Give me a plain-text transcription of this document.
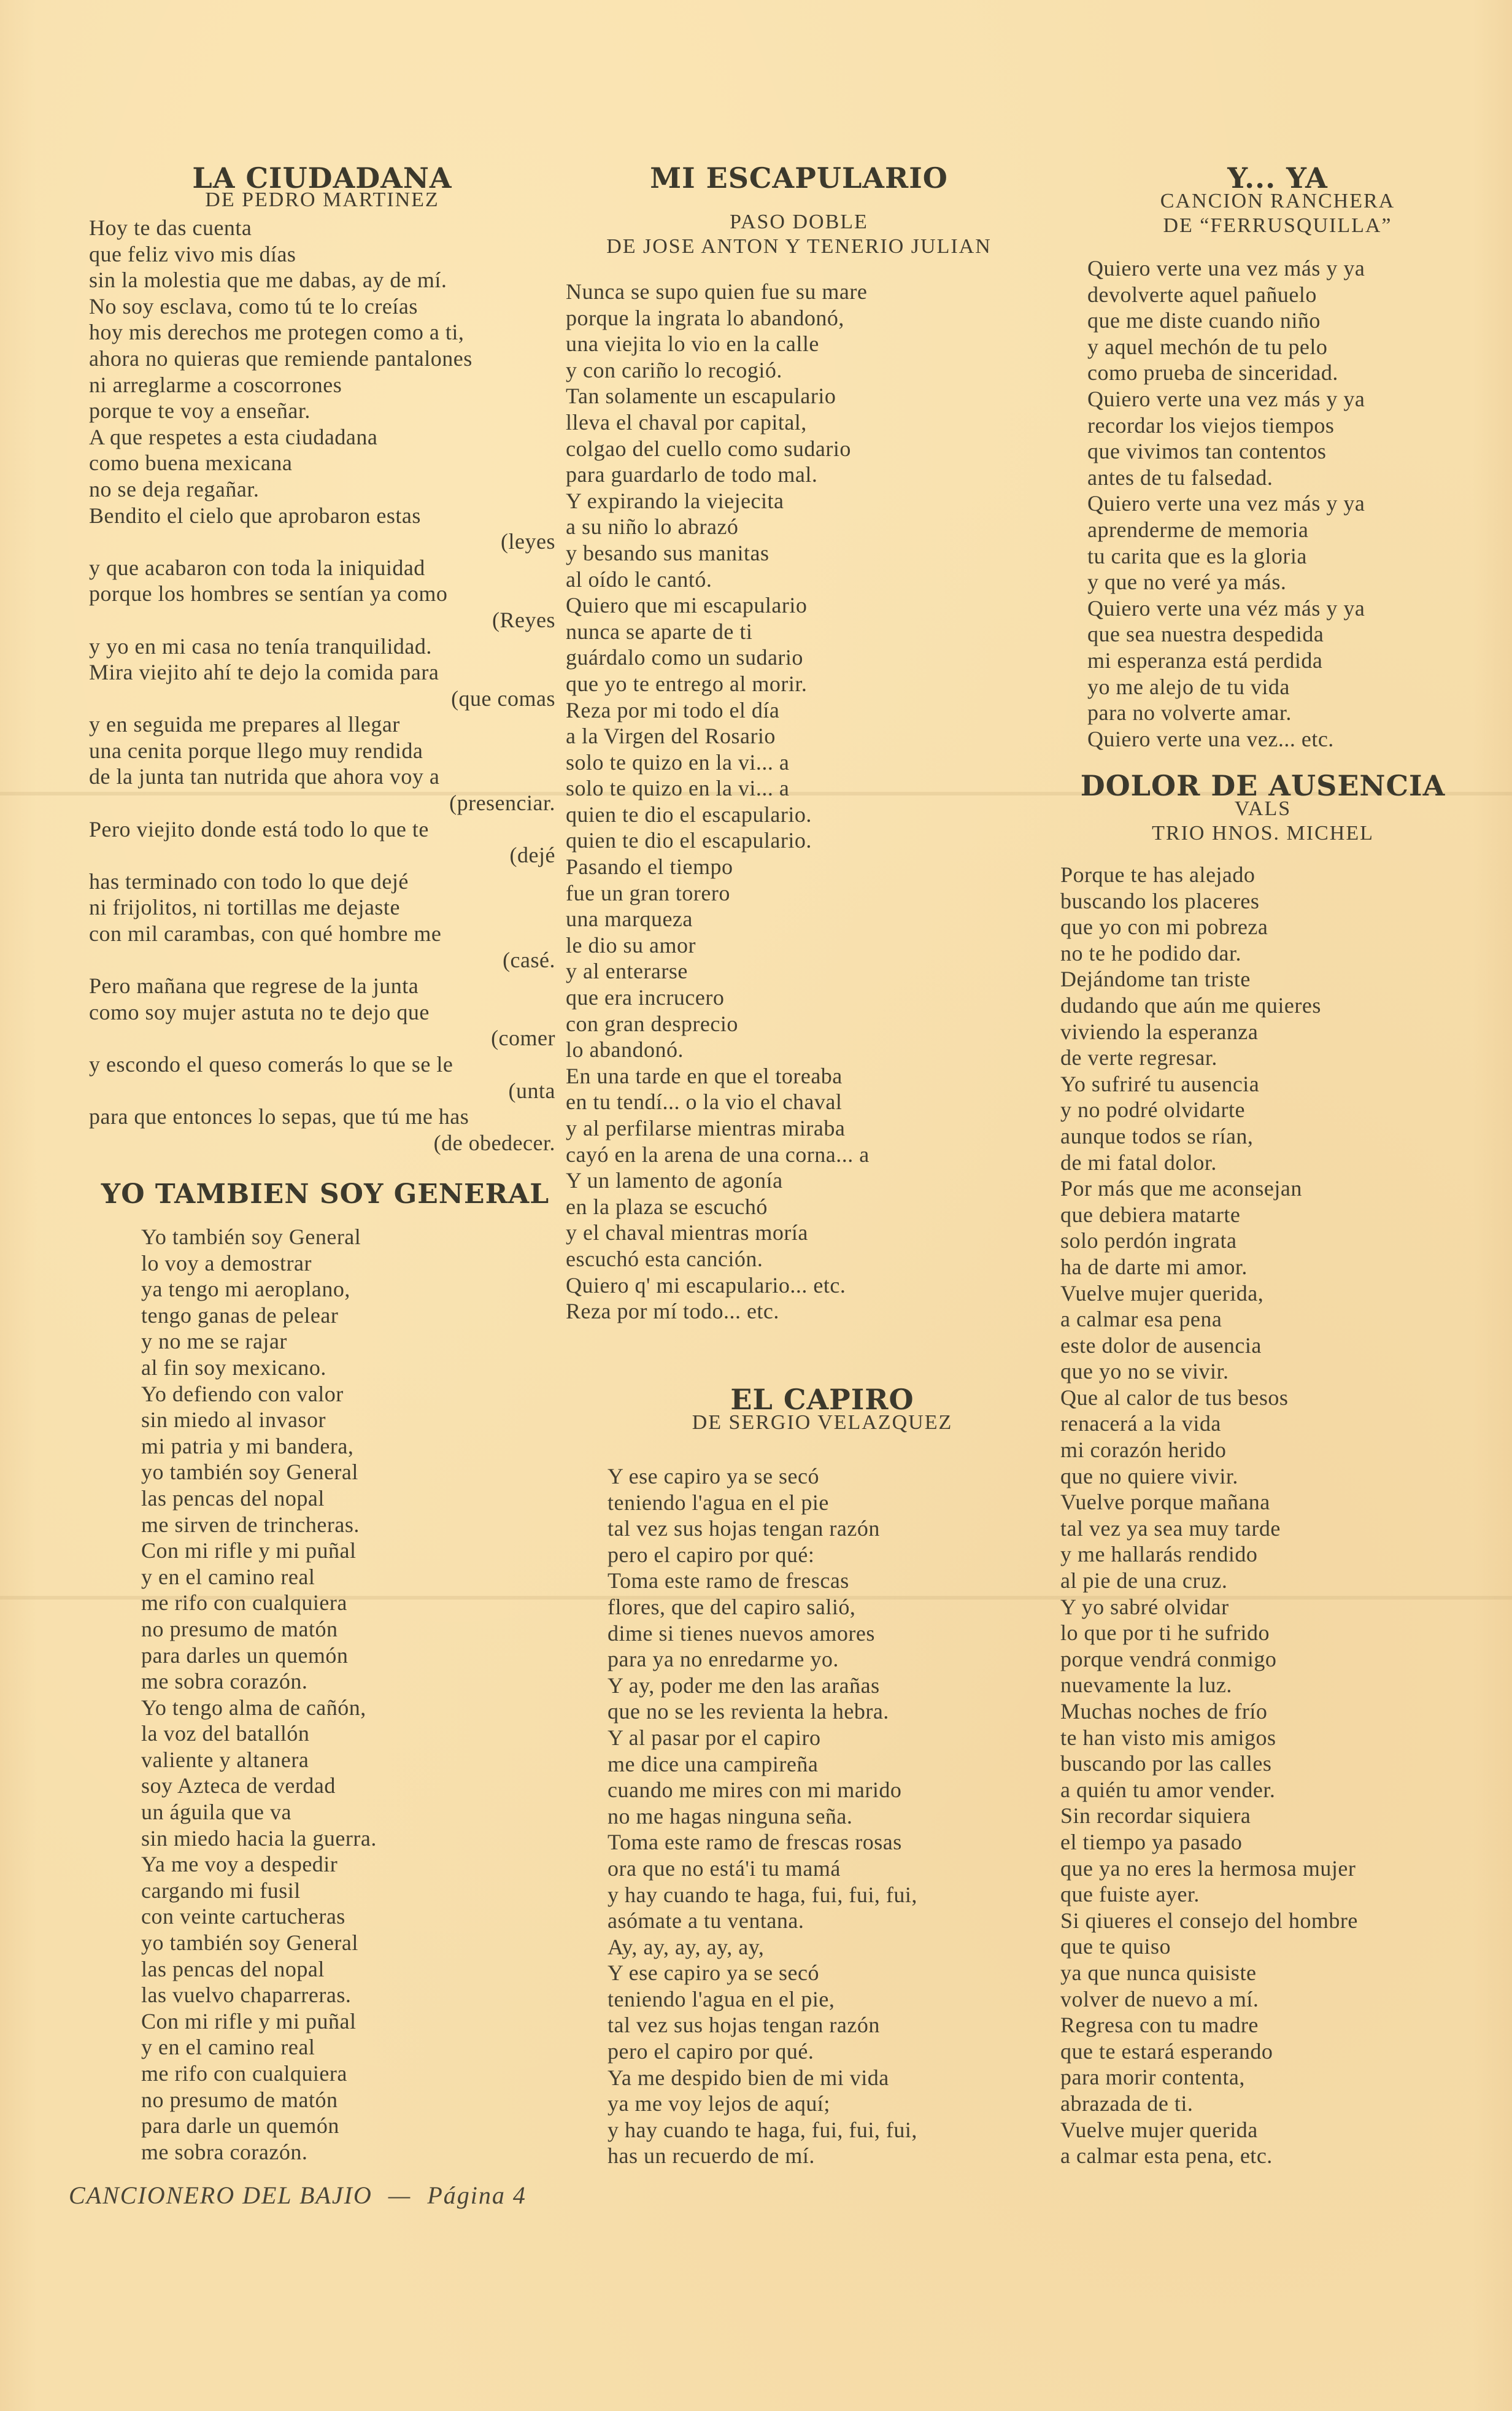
LA CIUDADANA

DE PEDRO MARTINEZ

Hoy te das cuenta
que feliz vivo mis días
sin la molestia que me dabas, ay de mí.
No soy esclava, como tú te lo creías
hoy mis derechos me protegen como a ti,
ahora no quieras que remiende pantalones
ni arreglarme a coscorrones
porque te voy a enseñar.
A que respetes a esta ciudadana
como buena mexicana
no se deja regañar.
Bendito el cielo que aprobaron estas
(leyes
y que acabaron con toda la iniquidad
porque los hombres se sentían ya como
(Reyes
y yo en mi casa no tenía tranquilidad.
Mira viejito ahí te dejo la comida para
(que comas
y en seguida me prepares al llegar
una cenita porque llego muy rendida
de la junta tan nutrida que ahora voy a
(presenciar.
Pero viejito donde está todo lo que te
(dejé
has terminado con todo lo que dejé
ni frijolitos, ni tortillas me dejaste
con mil carambas, con qué hombre me
(casé.
Pero mañana que regrese de la junta
como soy mujer astuta no te dejo que
(comer
y escondo el queso comerás lo que se le
(unta
para que entonces lo sepas, que tú me has
(de obedecer.
YO TAMBIEN SOY GENERAL
Yo también soy General
lo voy a demostrar
ya tengo mi aeroplano,
tengo ganas de pelear
y no me se rajar
al fin soy mexicano.
Yo defiendo con valor
sin miedo al invasor
mi patria y mi bandera,
yo también soy General
las pencas del nopal
me sirven de trincheras.
Con mi rifle y mi puñal
y en el camino real
me rifo con cualquiera
no presumo de matón
para darles un quemón
me sobra corazón.
Yo tengo alma de cañón,
la voz del batallón
valiente y altanera
soy Azteca de verdad
un águila que va
sin miedo hacia la guerra.
Ya me voy a despedir
cargando mi fusil
con veinte cartucheras
yo también soy General
las pencas del nopal
las vuelvo chaparreras.
Con mi rifle y mi puñal
y en el camino real
me rifo con cualquiera
no presumo de matón
para darle un quemón
me sobra corazón.
MI ESCAPULARIO

PASO DOBLE

DE JOSE ANTON Y TENERIO JULIAN

Nunca se supo quien fue su mare
porque la ingrata lo abandonó,
una viejita lo vio en la calle
y con cariño lo recogió.
Tan solamente un escapulario
lleva el chaval por capital,
colgao del cuello como sudario
para guardarlo de todo mal.
Y expirando la viejecita
a su niño lo abrazó
y besando sus manitas
al oído le cantó.
Quiero que mi escapulario
nunca se aparte de ti
guárdalo como un sudario
que yo te entrego al morir.
Reza por mi todo el día
a la Virgen del Rosario
solo te quizo en la vi... a
solo te quizo en la vi... a
quien te dio el escapulario.
quien te dio el escapulario.
Pasando el tiempo
fue un gran torero
una marqueza
le dio su amor
y al enterarse
que era incrucero
con gran desprecio
lo abandonó.
En una tarde en que el toreaba
en tu tendí... o la vio el chaval
y al perfilarse mientras miraba
cayó en la arena de una corna... a
Y un lamento de agonía
en la plaza se escuchó
y el chaval mientras moría
escuchó esta canción.
Quiero q' mi escapulario... etc.
Reza por mí todo... etc.
EL CAPIRO

DE SERGIO VELAZQUEZ

Y ese capiro ya se secó
teniendo l'agua en el pie
tal vez sus hojas tengan razón
pero el capiro por qué:
Toma este ramo de frescas
flores, que del capiro salió,
dime si tienes nuevos amores
para ya no enredarme yo.
Y ay, poder me den las arañas
que no se les revienta la hebra.
Y al pasar por el capiro
me dice una campireña
cuando me mires con mi marido
no me hagas ninguna seña.
Toma este ramo de frescas rosas
ora que no está'i tu mamá
y hay cuando te haga, fui, fui, fui,
asómate a tu ventana.
Ay, ay, ay, ay, ay,
Y ese capiro ya se secó
teniendo l'agua en el pie,
tal vez sus hojas tengan razón
pero el capiro por qué.
Ya me despido bien de mi vida
ya me voy lejos de aquí;
y hay cuando te haga, fui, fui, fui,
has un recuerdo de mí.
Y... YA

CANCION RANCHERA

DE “FERRUSQUILLA”

Quiero verte una vez más y ya
devolverte aquel pañuelo
que me diste cuando niño
y aquel mechón de tu pelo
como prueba de sinceridad.
Quiero verte una vez más y ya
recordar los viejos tiempos
que vivimos tan contentos
antes de tu falsedad.
Quiero verte una vez más y ya
aprenderme de memoria
tu carita que es la gloria
y que no veré ya más.
Quiero verte una véz más y ya
que sea nuestra despedida
mi esperanza está perdida
yo me alejo de tu vida
para no volverte amar.
Quiero verte una vez... etc.
DOLOR DE AUSENCIA

VALS

TRIO HNOS. MICHEL

Porque te has alejado
buscando los placeres
que yo con mi pobreza
no te he podido dar.
Dejándome tan triste
dudando que aún me quieres
viviendo la esperanza
de verte regresar.
Yo sufriré tu ausencia
y no podré olvidarte
aunque todos se rían,
de mi fatal dolor.
Por más que me aconsejan
que debiera matarte
solo perdón ingrata
ha de darte mi amor.
Vuelve mujer querida,
a calmar esa pena
este dolor de ausencia
que yo no se vivir.
Que al calor de tus besos
renacerá a la vida
mi corazón herido
que no quiere vivir.
Vuelve porque mañana
tal vez ya sea muy tarde
y me hallarás rendido
al pie de una cruz.
Y yo sabré olvidar
lo que por ti he sufrido
porque vendrá conmigo
nuevamente la luz.
Muchas noches de frío
te han visto mis amigos
buscando por las calles
a quién tu amor vender.
Sin recordar siquiera
el tiempo ya pasado
que ya no eres la hermosa mujer
que fuiste ayer.
Si qiueres el consejo del hombre
que te quiso
ya que nunca quisiste
volver de nuevo a mí.
Regresa con tu madre
que te estará esperando
para morir contenta,
abrazada de ti.
Vuelve mujer querida
a calmar esta pena, etc.
CANCIONERO DEL BAJIO — Página 4
